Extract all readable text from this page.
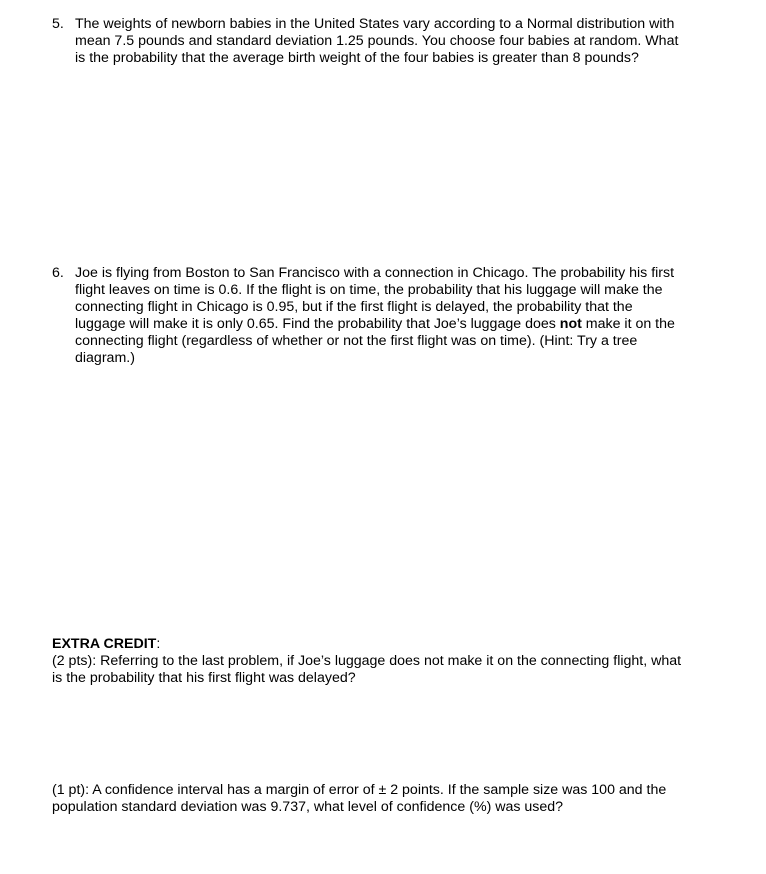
5. The weights of newborn babies in the United States vary according to a Normal distribution with mean 7.5 pounds and standard deviation 1.25 pounds. You choose four babies at random. What is the probability that the average birth weight of the four babies is greater than 8 pounds?
6. Joe is flying from Boston to San Francisco with a connection in Chicago. The probability his first flight leaves on time is 0.6. If the flight is on time, the probability that his luggage will make the connecting flight in Chicago is 0.95, but if the first flight is delayed, the probability that the luggage will make it is only 0.65. Find the probability that Joe’s luggage does not make it on the connecting flight (regardless of whether or not the first flight was on time). (Hint: Try a tree diagram.)
EXTRA CREDIT:
(2 pts): Referring to the last problem, if Joe’s luggage does not make it on the connecting flight, what is the probability that his first flight was delayed?
(1 pt): A confidence interval has a margin of error of ± 2 points. If the sample size was 100 and the population standard deviation was 9.737, what level of confidence (%) was used?
